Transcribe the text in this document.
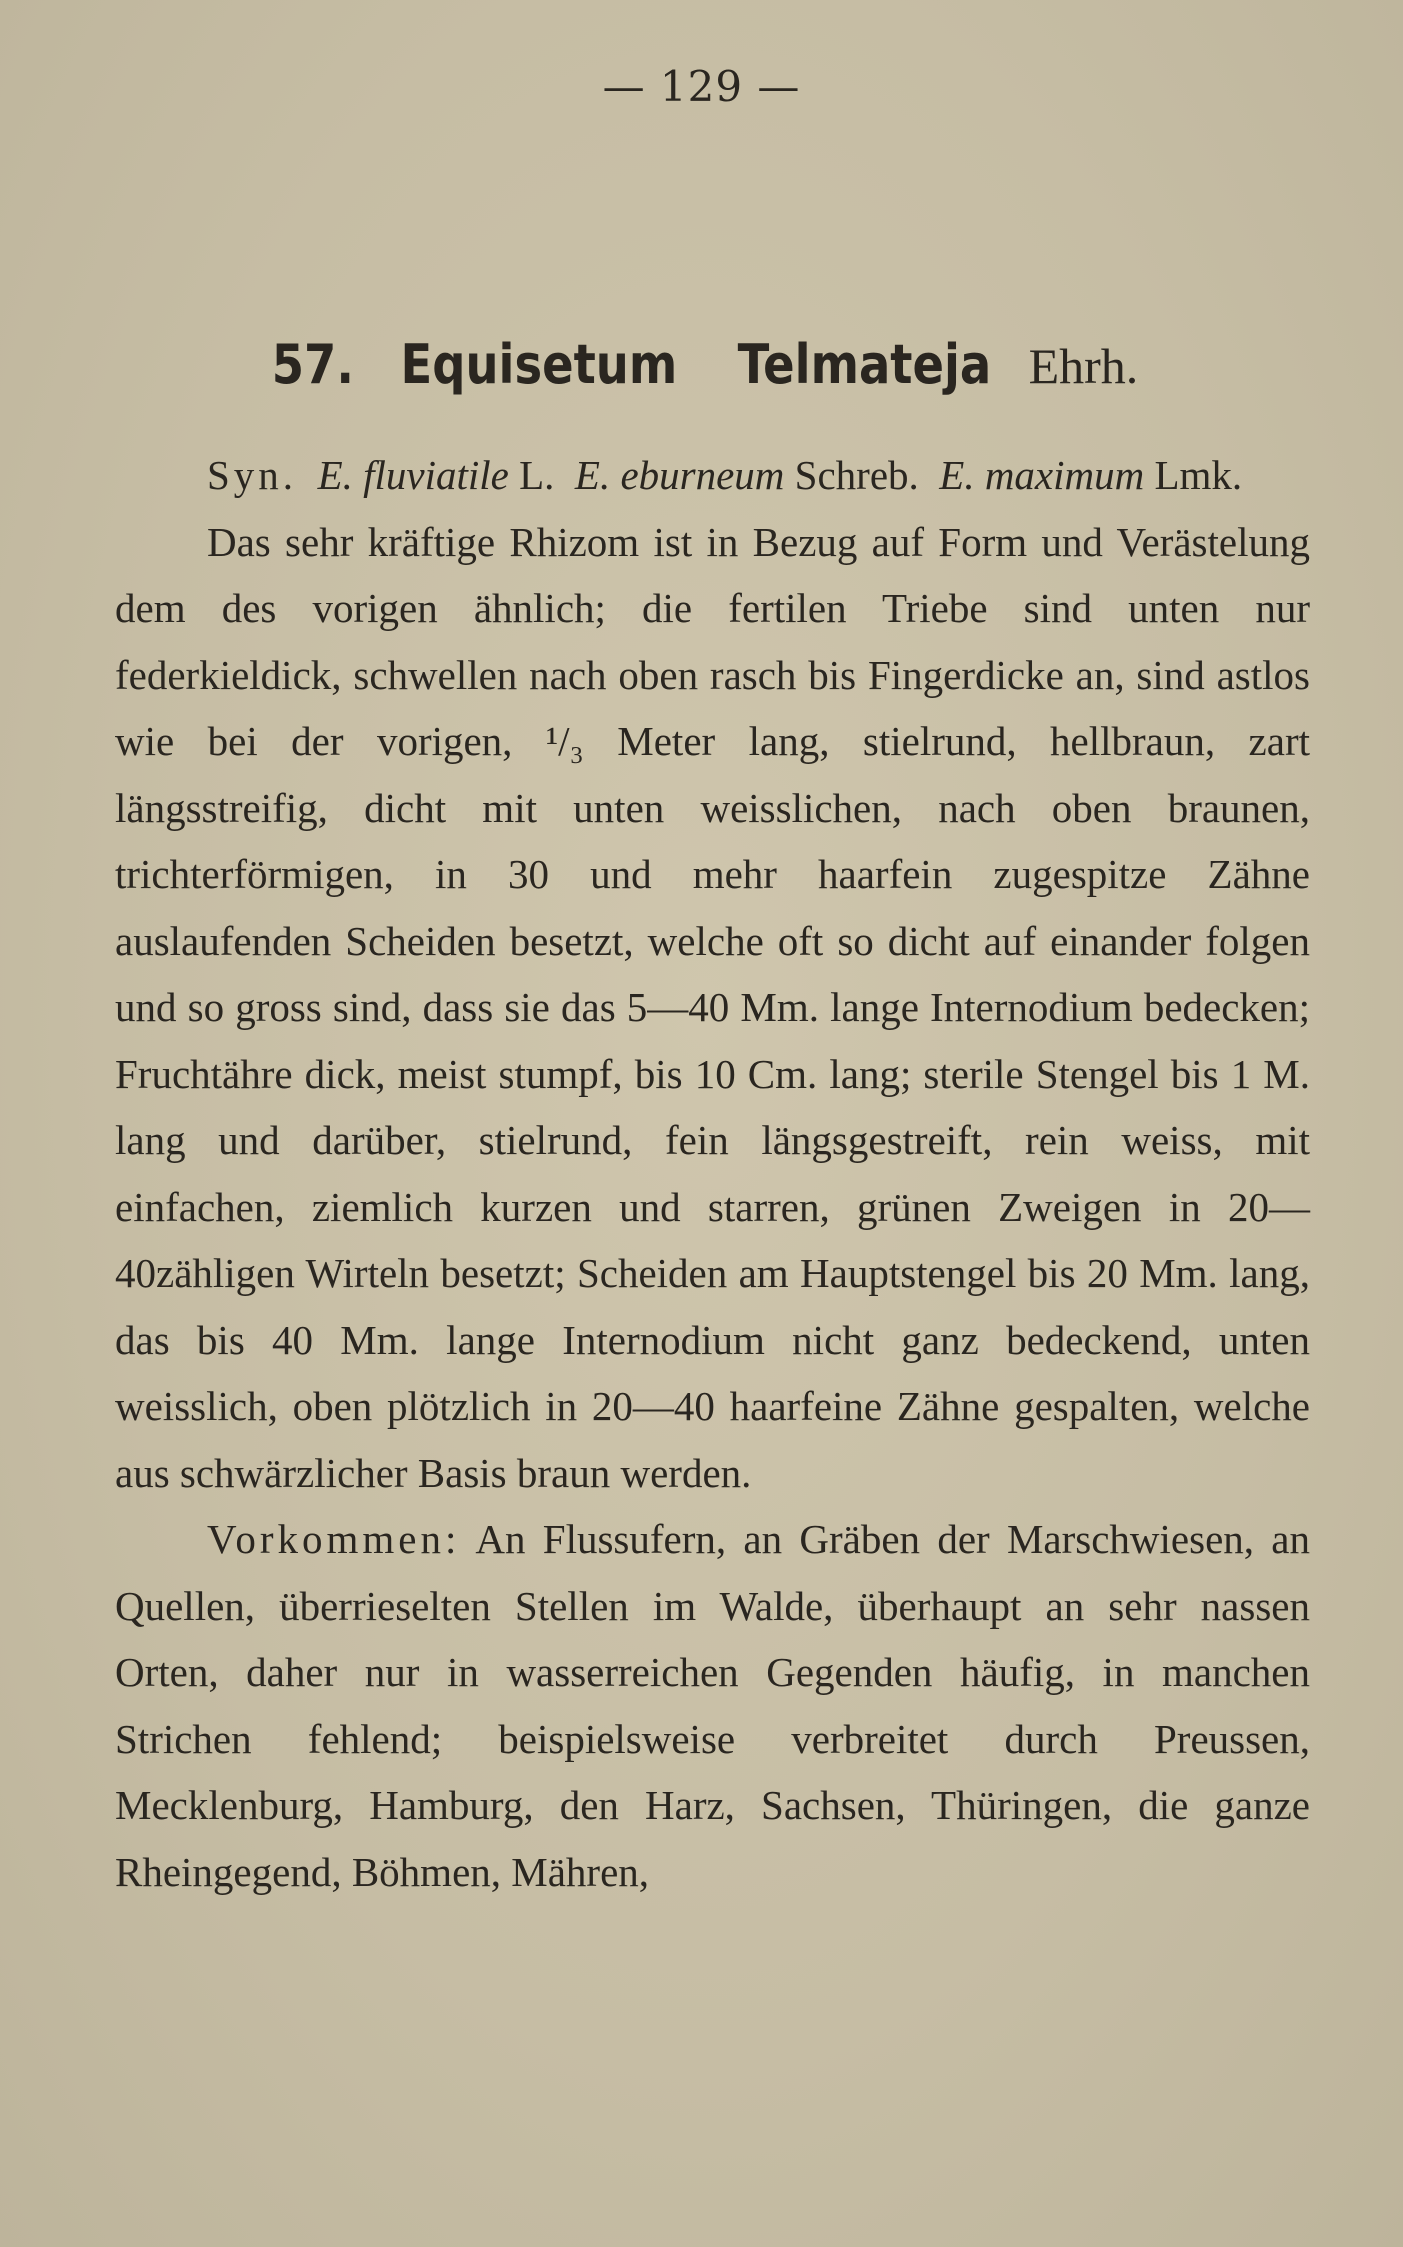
— 129 —
57. Equisetum Telmateja Ehrh.

Syn. E. fluviatile L. E. eburneum Schreb. E. maximum Lmk.

Das sehr kräftige Rhizom ist in Bezug auf Form und Verästelung dem des vorigen ähnlich; die fertilen Triebe sind unten nur federkieldick, schwellen nach oben rasch bis Fingerdicke an, sind astlos wie bei der vorigen, ¹/₃ Meter lang, stielrund, hellbraun, zart längsstreifig, dicht mit unten weisslichen, nach oben braunen, trichterförmigen, in 30 und mehr haarfein zugespitze Zähne auslaufenden Scheiden besetzt, welche oft so dicht auf einander folgen und so gross sind, dass sie das 5—40 Mm. lange Internodium bedecken; Fruchtähre dick, meist stumpf, bis 10 Cm. lang; sterile Stengel bis 1 M. lang und darüber, stielrund, fein längsgestreift, rein weiss, mit einfachen, ziemlich kurzen und starren, grünen Zweigen in 20—40zähligen Wirteln besetzt; Scheiden am Hauptstengel bis 20 Mm. lang, das bis 40 Mm. lange Internodium nicht ganz bedeckend, unten weisslich, oben plötzlich in 20—40 haarfeine Zähne gespalten, welche aus schwärzlicher Basis braun werden.

Vorkommen: An Flussufern, an Gräben der Marschwiesen, an Quellen, überrieselten Stellen im Walde, überhaupt an sehr nassen Orten, daher nur in wasserreichen Gegenden häufig, in manchen Strichen fehlend; beispielsweise verbreitet durch Preussen, Mecklenburg, Hamburg, den Harz, Sachsen, Thüringen, die ganze Rheingegend, Böhmen, Mähren,
